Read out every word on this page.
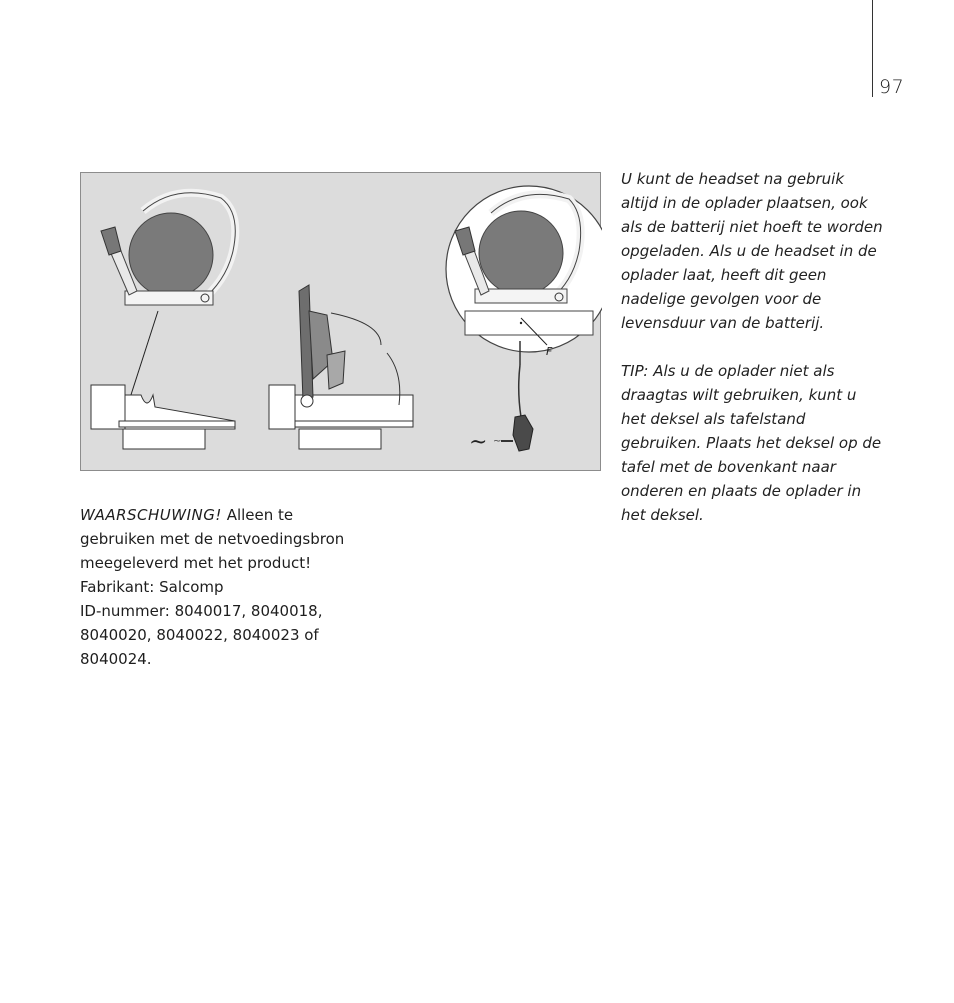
97
~ ~
F

U kunt de headset na gebruik altijd in de oplader plaatsen, ook als de batterij niet hoeft te worden opgeladen. Als u de headset in de oplader laat, heeft dit geen nadelige gevolgen voor de levensduur van de batterij.

TIP: Als u de oplader niet als draagtas wilt gebruiken, kunt u het deksel als tafelstand gebruiken. Plaats het deksel op de tafel met de bovenkant naar onderen en plaats de oplader in het deksel.

WAARSCHUWING! Alleen te gebruiken met de netvoedingsbron meegeleverd met het product!

Fabrikant: Salcomp

ID-nummer: 8040017, 8040018, 8040020, 8040022, 8040023 of 8040024.
